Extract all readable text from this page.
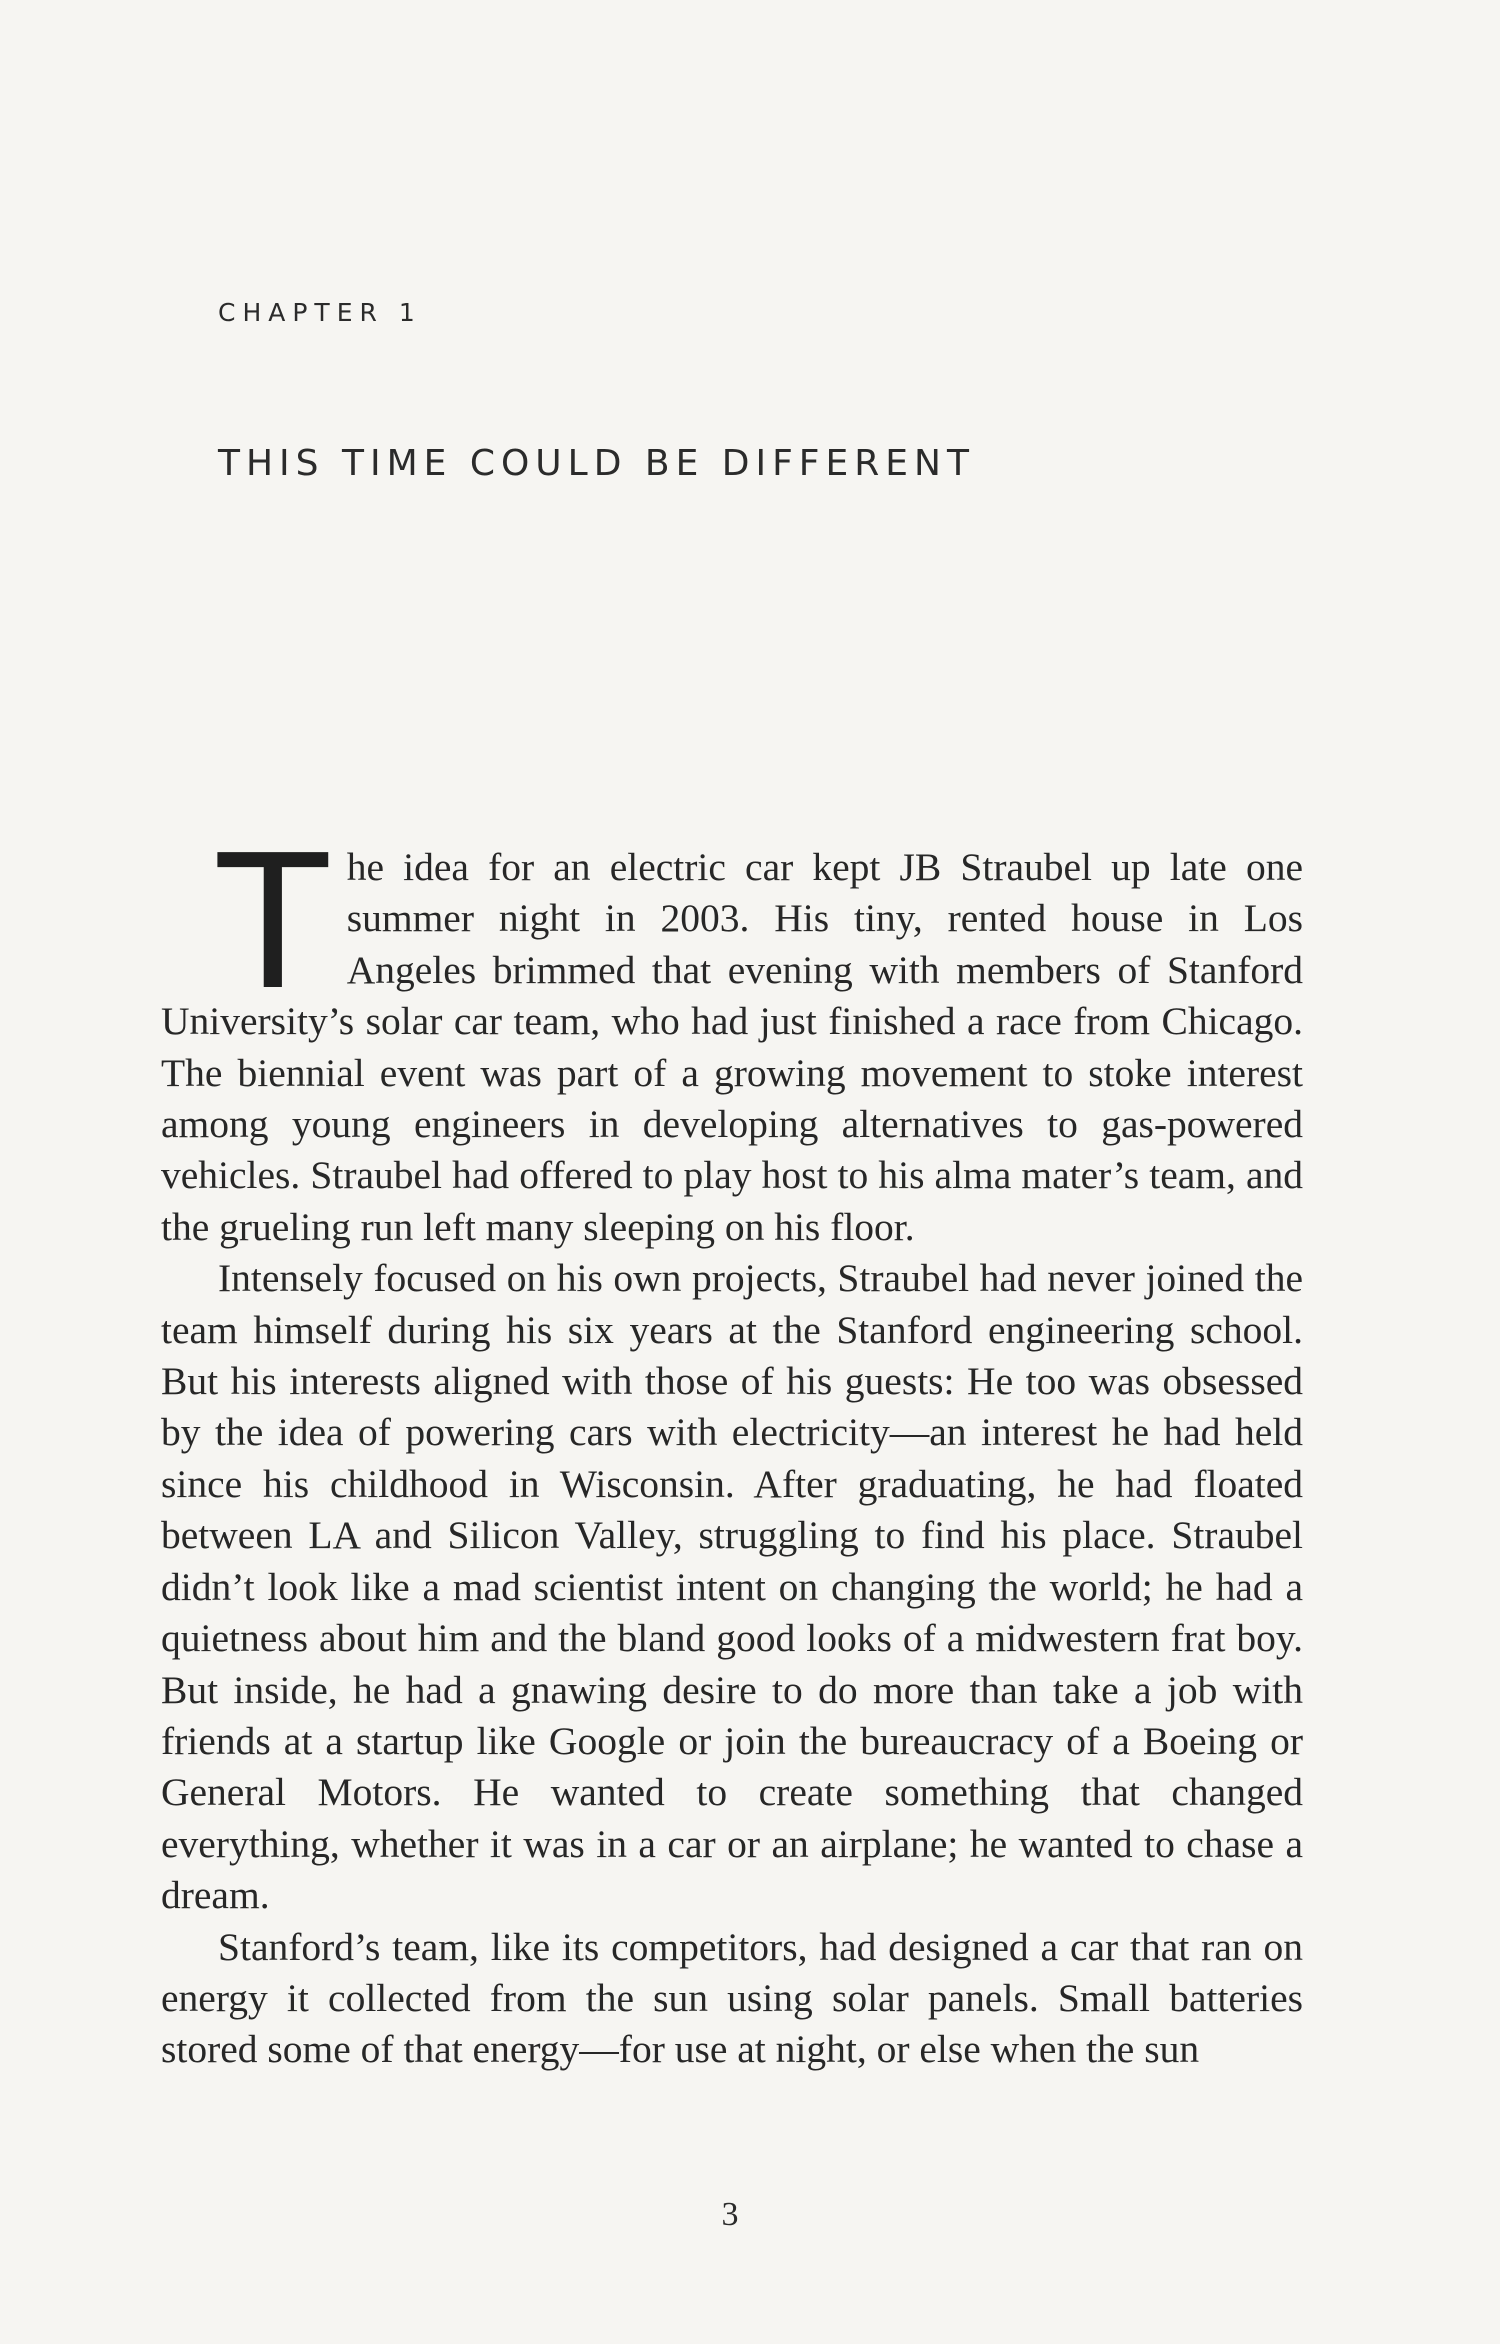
CHAPTER 1
THIS TIME COULD BE DIFFERENT

The idea for an electric car kept JB Straubel up late one summer night in 2003. His tiny, rented house in Los Angeles brimmed that evening with members of Stanford University’s solar car team, who had just finished a race from Chicago. The biennial event was part of a growing movement to stoke interest among young engineers in developing alternatives to gas-powered vehicles. Straubel had offered to play host to his alma mater’s team, and the grueling run left many sleeping on his floor.

Intensely focused on his own projects, Straubel had never joined the team himself during his six years at the Stanford engineering school. But his interests aligned with those of his guests: He too was obsessed by the idea of powering cars with electricity—an interest he had held since his childhood in Wisconsin. After graduating, he had floated between LA and Silicon Valley, struggling to find his place. Straubel didn’t look like a mad scientist intent on changing the world; he had a quietness about him and the bland good looks of a midwestern frat boy. But inside, he had a gnawing desire to do more than take a job with friends at a startup like Google or join the bureaucracy of a Boeing or General Motors. He wanted to create something that changed everything, whether it was in a car or an airplane; he wanted to chase a dream.

Stanford’s team, like its competitors, had designed a car that ran on energy it collected from the sun using solar panels. Small batteries stored some of that energy—for use at night, or else when the sun

3
